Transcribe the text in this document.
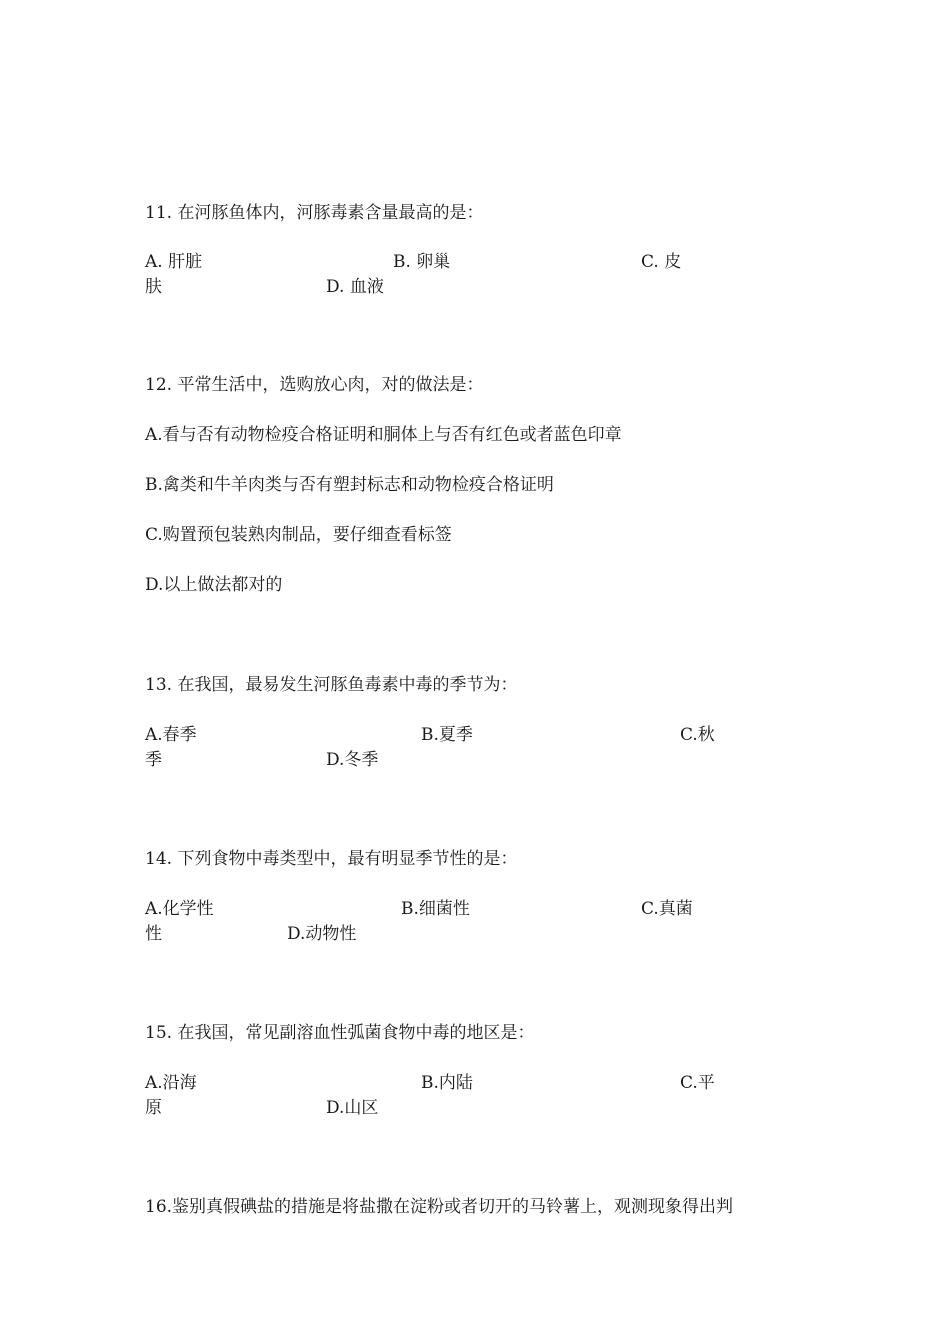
11. 在河豚鱼体内，河豚毒素含量最高的是：
A. 肝脏	B. 卵巢	C. 皮
肤	D. 血液
12. 平常生活中，选购放心肉，对的做法是：
A.看与否有动物检疫合格证明和胴体上与否有红色或者蓝色印章
B.禽类和牛羊肉类与否有塑封标志和动物检疫合格证明
C.购置预包装熟肉制品，要仔细查看标签
D.以上做法都对的
13. 在我国，最易发生河豚鱼毒素中毒的季节为：
A.春季	B.夏季	C.秋
季	D.冬季
14. 下列食物中毒类型中，最有明显季节性的是：
A.化学性	B.细菌性	C.真菌
性	D.动物性
15. 在我国，常见副溶血性弧菌食物中毒的地区是：
A.沿海	B.内陆	C.平
原	D.山区
16.鉴别真假碘盐的措施是将盐撒在淀粉或者切开的马铃薯上，观测现象得出判
